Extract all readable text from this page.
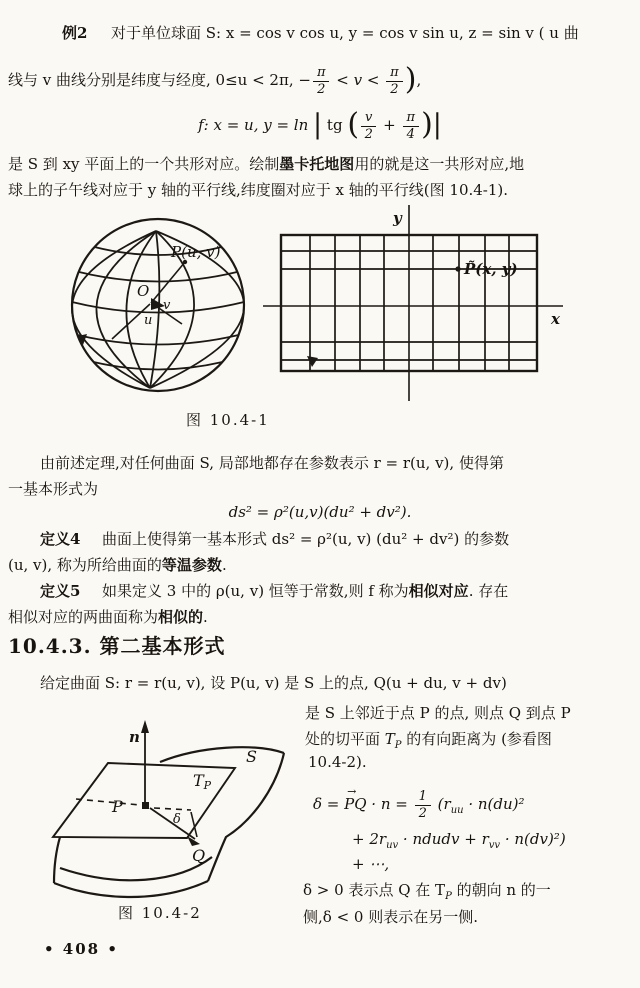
例2 对于单位球面 S: x = cos v cos u, y = cos v sin u, z = sin v ( u 曲
线与 v 曲线分别是纬度与经度, 0≤u < 2π, − $\frac{\pi}{2} < v < \frac{\pi}{2}$ ),
f: x = u, y = ln | tg ( $\frac{v}{2} + \frac{\pi}{4}$ )|
是 S 到 xy 平面上的一个共形对应。绘制墨卡托地图用的就是这一共形对应,地
球上的子午线对应于 y 轴的平行线,纬度圈对应于 x 轴的平行线(图 10.4-1).
P(u, v)
O
u
v
y
x
P̃(x, y)
图 10.4-1
由前述定理,对任何曲面 S, 局部地都存在参数表示 r = r(u, v), 使得第
一基本形式为
ds² = ρ²(u,v)(du² + dv²).
定义4 曲面上使得第一基本形式 ds² = ρ²(u, v) (du² + dv²) 的参数
(u, v), 称为所给曲面的等温参数.
定义5 如果定义 3 中的 ρ(u, v) 恒等于常数,则 f 称为相似对应. 存在
相似对应的两曲面称为相似的.
10.4.3. 第二基本形式
给定曲面 S: r = r(u, v), 设 P(u, v) 是 S 上的点, Q(u + du, v + dv)
是 S 上邻近于点 P 的点, 则点 Q 到点 P
处的切平面 $T_P$ 的有向距离为 (参看图
10.4-2).
δ =
→
PQ · $n = \frac{1}{2} (r_{uu} \cdot n(du)^2$
+ $2r_{uv}$ · ndudv + $r_{vv} \cdot n(dv)^2$)
+ ⋯,
δ > 0 表示点 Q 在 $T_P$ 的朝向 n 的一
侧,δ < 0 则表示在另一侧.
n
S
TP
P
δ
Q
图 10.4-2
• 408 •
